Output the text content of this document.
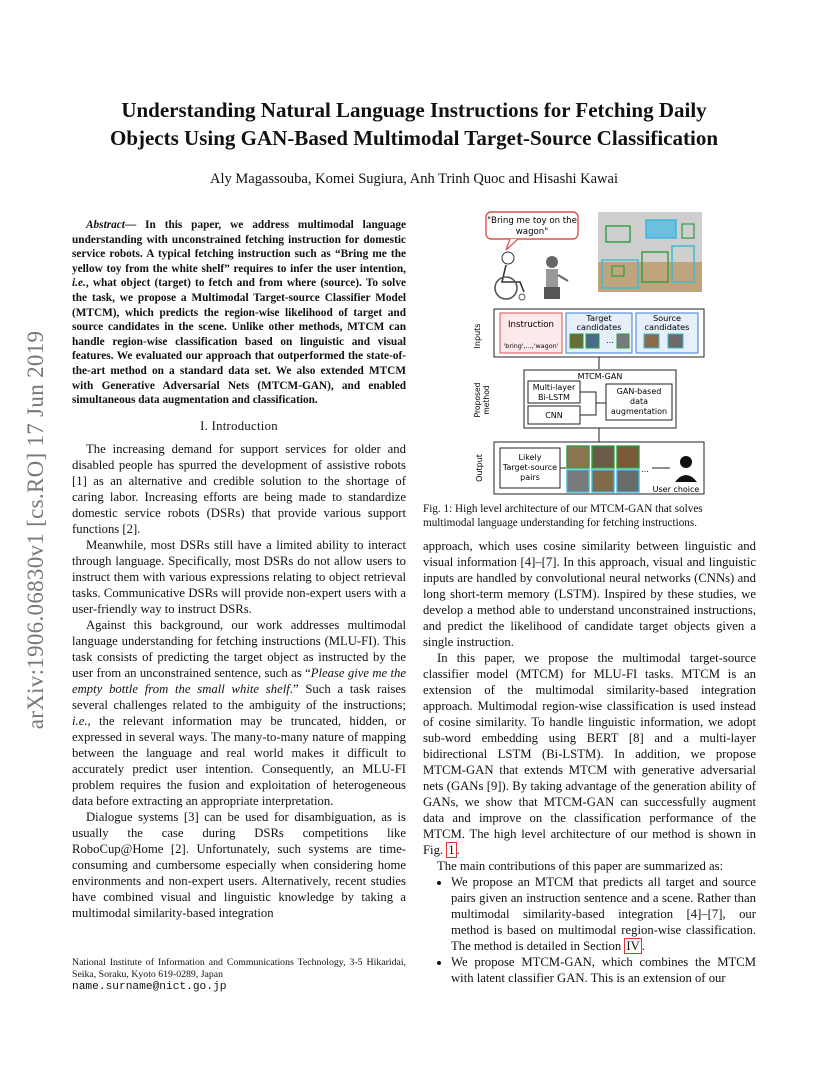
Understanding Natural Language Instructions for Fetching Daily
Objects Using GAN-Based Multimodal Target-Source Classification
Aly Magassouba, Komei Sugiura, Anh Trinh Quoc and Hisashi Kawai
arXiv:1906.06830v1 [cs.RO] 17 Jun 2019

Abstract— In this paper, we address multimodal language understanding with unconstrained fetching instruction for domestic service robots. A typical fetching instruction such as “Bring me the yellow toy from the white shelf” requires to infer the user intention, i.e., what object (target) to fetch and from where (source). To solve the task, we propose a Multimodal Target-source Classifier Model (MTCM), which predicts the region-wise likelihood of target and source candidates in the scene. Unlike other methods, MTCM can handle region-wise classification based on linguistic and visual features. We evaluated our approach that outperformed the state-of-the-art method on a standard data set. We also extended MTCM with Generative Adversarial Nets (MTCM-GAN), and enabled simultaneous data augmentation and classification.

I. Introduction

The increasing demand for support services for older and disabled people has spurred the development of assistive robots [1] as an alternative and credible solution to the shortage of caring labor. Increasing efforts are being made to standardize domestic service robots (DSRs) that provide various support functions [2].

Meanwhile, most DSRs still have a limited ability to interact through language. Specifically, most DSRs do not allow users to instruct them with various expressions relating to object retrieval tasks. Communicative DSRs will provide non-expert users with a user-friendly way to instruct DSRs.

Against this background, our work addresses multimodal language understanding for fetching instructions (MLU-FI). This task consists of predicting the target object as instructed by the user from an unconstrained sentence, such as “Please give me the empty bottle from the small white shelf.” Such a task raises several challenges related to the ambiguity of the instructions; i.e., the relevant information may be truncated, hidden, or expressed in several ways. The many-to-many nature of mapping between the language and real world makes it difficult to accurately predict user intention. Consequently, an MLU-FI problem requires the fusion and exploitation of heterogeneous data before extracting an appropriate interpretation.

Dialogue systems [3] can be used for disambiguation, as is usually the case during DSRs competitions like RoboCup@Home [2]. Unfortunately, such systems are time-consuming and cumbersome especially when considering home environments and non-expert users. Alternatively, recent studies have combined visual and linguistic knowledge by taking a multimodal similarity-based integration

National Institute of Information and Communications Technology, 3-5 Hikaridai, Seika, Soraku, Kyoto 619-0289, Japan
name.surname@nict.go.jp
"Bring me toy on the
wagon"
Inputs	Instruction
'bring',...,'wagon'
Target
candidates
…
Source
candidates
Proposed method
MTCM-GAN
Multi-layer
Bi-LSTM
CNN
GAN-based
data
augmentation
Output	Likely
Target-source
pairs
…
User choice
Fig. 1: High level architecture of our MTCM-GAN that solves multimodal language understanding for fetching instructions.

approach, which uses cosine similarity between linguistic and visual information [4]–[7]. In this approach, visual and linguistic inputs are handled by convolutional neural networks (CNNs) and long short-term memory (LSTM). Inspired by these studies, we develop a method able to understand unconstrained instructions, and predict the likelihood of candidate target objects given a single instruction.

In this paper, we propose the multimodal target-source classifier model (MTCM) for MLU-FI tasks. MTCM is an extension of the multimodal similarity-based integration approach. Multimodal region-wise classification is used instead of cosine similarity. To handle linguistic information, we adopt sub-word embedding using BERT [8] and a multi-layer bidirectional LSTM (Bi-LSTM). In addition, we propose MTCM-GAN that extends MTCM with generative adversarial nets (GANs [9]). By taking advantage of the generation ability of GANs, we show that MTCM-GAN can successfully augment data and improve on the classification performance of the MTCM. The high level architecture of our method is shown in Fig. 1 .

The main contributions of this paper are summarized as:

• We propose an MTCM that predicts all target and source pairs given an instruction sentence and a scene. Rather than multimodal similarity-based integration [4]–[7], our method is based on multimodal region-wise classification. The method is detailed in Section IV .
• We propose MTCM-GAN, which combines the MTCM with latent classifier GAN. This is an extension of our
